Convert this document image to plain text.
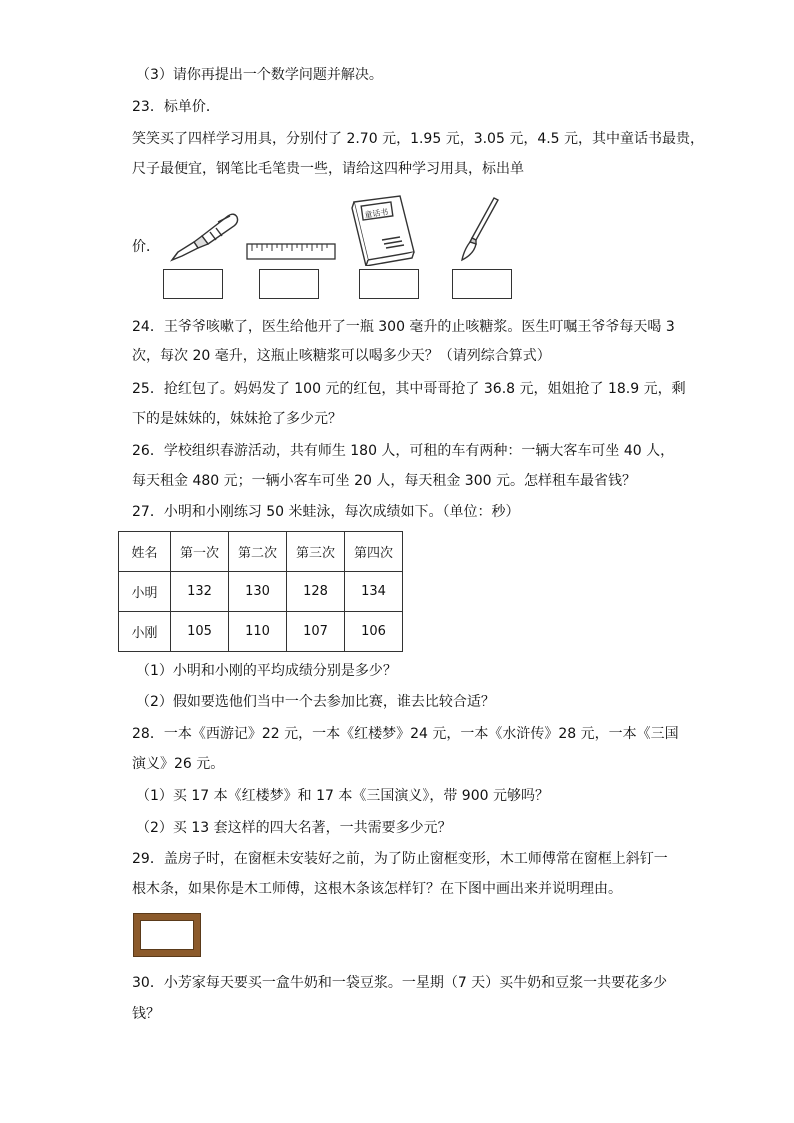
（3）请你再提出一个数学问题并解决。
23．标单价．
笑笑买了四样学习用具，分别付了 2.70 元，1.95 元，3.05 元，4.5 元，其中童话书最贵，
尺子最便宜，钢笔比毛笔贵一些，请给这四种学习用具，标出单
价．
童话书
24．王爷爷咳嗽了，医生给他开了一瓶 300 毫升的止咳糖浆。医生叮嘱王爷爷每天喝 3
次，每次 20 毫升，这瓶止咳糖浆可以喝多少天？（请列综合算式）
25．抢红包了。妈妈发了 100 元的红包，其中哥哥抢了 36.8 元，姐姐抢了 18.9 元，剩
下的是妹妹的，妹妹抢了多少元？
26．学校组织春游活动，共有师生 180 人，可租的车有两种：一辆大客车可坐 40 人，
每天租金 480 元；一辆小客车可坐 20 人，每天租金 300 元。怎样租车最省钱？
27．小明和小刚练习 50 米蛙泳，每次成绩如下。（单位：秒）
姓名	第一次	第二次	第三次	第四次
小明	132	130	128	134
小刚	105	110	107	106
（1）小明和小刚的平均成绩分别是多少？
（2）假如要选他们当中一个去参加比赛，谁去比较合适？
28．一本《西游记》22 元，一本《红楼梦》24 元，一本《水浒传》28 元，一本《三国
演义》26 元。
（1）买 17 本《红楼梦》和 17 本《三国演义》，带 900 元够吗？
（2）买 13 套这样的四大名著，一共需要多少元？
29．盖房子时，在窗框未安装好之前，为了防止窗框变形，木工师傅常在窗框上斜钉一
根木条，如果你是木工师傅，这根木条该怎样钉？在下图中画出来并说明理由。
30．小芳家每天要买一盒牛奶和一袋豆浆。一星期（7 天）买牛奶和豆浆一共要花多少
钱？
